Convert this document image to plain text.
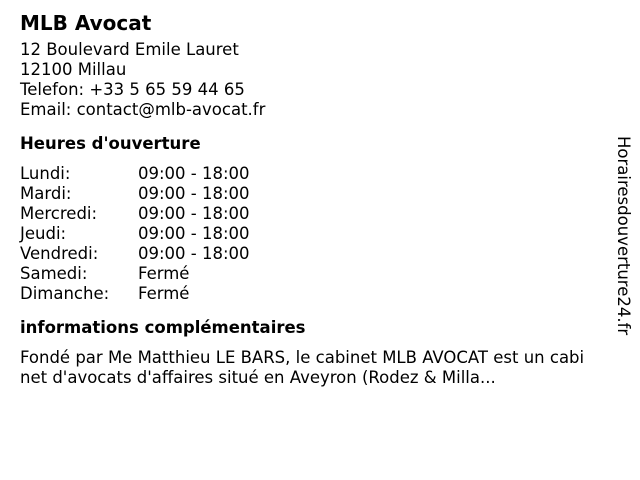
MLB Avocat
12 Boulevard Emile Lauret
12100 Millau
Telefon: +33 5 65 59 44 65
Email: contact@mlb-avocat.fr
Heures d'ouverture
Lundi:	09:00 - 18:00
Mardi:	09:00 - 18:00
Mercredi:	09:00 - 18:00
Jeudi:	09:00 - 18:00
Vendredi:	09:00 - 18:00
Samedi:	Fermé
Dimanche:	Fermé
informations complémentaires
Fondé par Me Matthieu LE BARS, le cabinet MLB AVOCAT est un cabinet d'avocats d'affaires situé en Aveyron (Rodez & Milla...
Horairesdouverture24.fr
